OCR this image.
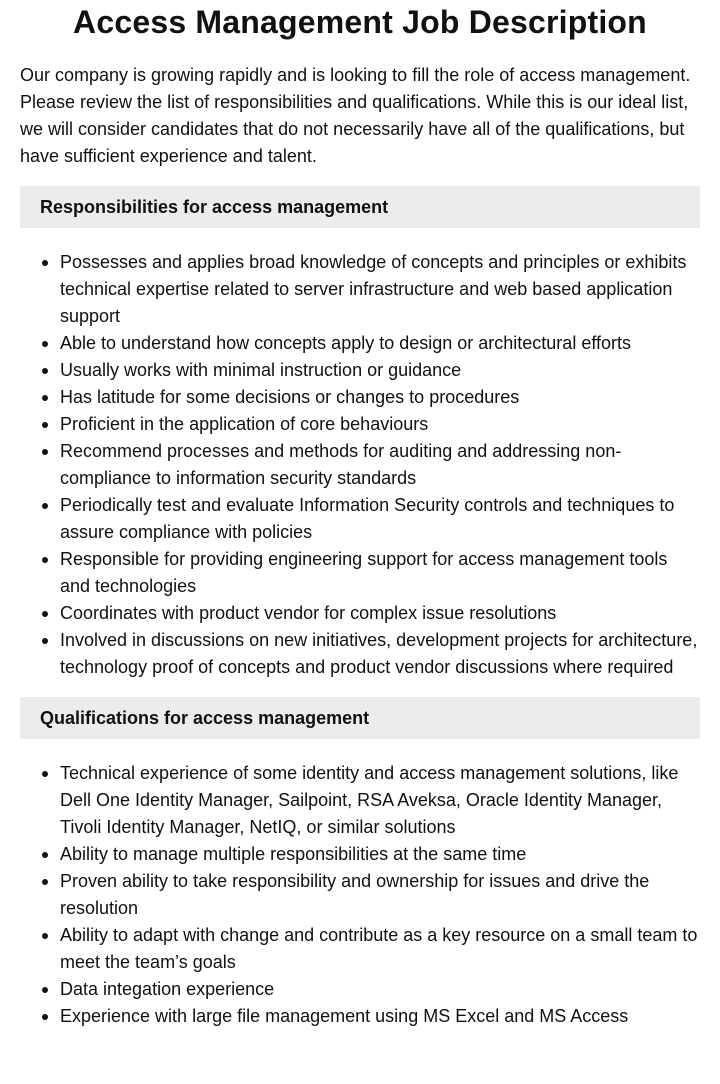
Access Management Job Description

Our company is growing rapidly and is looking to fill the role of access management. Please review the list of responsibilities and qualifications. While this is our ideal list, we will consider candidates that do not necessarily have all of the qualifications, but have sufficient experience and talent.

Responsibilities for access management
Possesses and applies broad knowledge of concepts and principles or exhibits technical expertise related to server infrastructure and web based application support
Able to understand how concepts apply to design or architectural efforts
Usually works with minimal instruction or guidance
Has latitude for some decisions or changes to procedures
Proficient in the application of core behaviours
Recommend processes and methods for auditing and addressing non-compliance to information security standards
Periodically test and evaluate Information Security controls and techniques to assure compliance with policies
Responsible for providing engineering support for access management tools and technologies
Coordinates with product vendor for complex issue resolutions
Involved in discussions on new initiatives, development projects for architecture, technology proof of concepts and product vendor discussions where required
Qualifications for access management
Technical experience of some identity and access management solutions, like Dell One Identity Manager, Sailpoint, RSA Aveksa, Oracle Identity Manager, Tivoli Identity Manager, NetIQ, or similar solutions
Ability to manage multiple responsibilities at the same time
Proven ability to take responsibility and ownership for issues and drive the resolution
Ability to adapt with change and contribute as a key resource on a small team to meet the team’s goals
Data integation experience
Experience with large file management using MS Excel and MS Access
